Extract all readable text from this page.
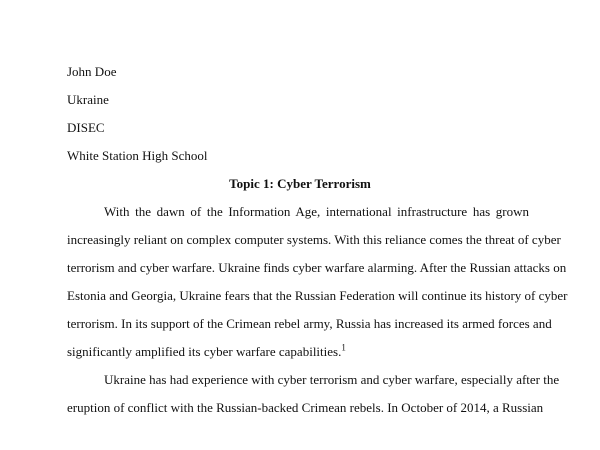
John Doe
Ukraine
DISEC
White Station High School
Topic 1: Cyber Terrorism
With the dawn of the Information Age, international infrastructure has grown
increasingly reliant on complex computer systems. With this reliance comes the threat of cyber
terrorism and cyber warfare. Ukraine finds cyber warfare alarming. After the Russian attacks on
Estonia and Georgia, Ukraine fears that the Russian Federation will continue its history of cyber
terrorism. In its support of the Crimean rebel army, Russia has increased its armed forces and
significantly amplified its cyber warfare capabilities.$^1$
Ukraine has had experience with cyber terrorism and cyber warfare, especially after the
eruption of conflict with the Russian-backed Crimean rebels. In October of 2014, a Russian
